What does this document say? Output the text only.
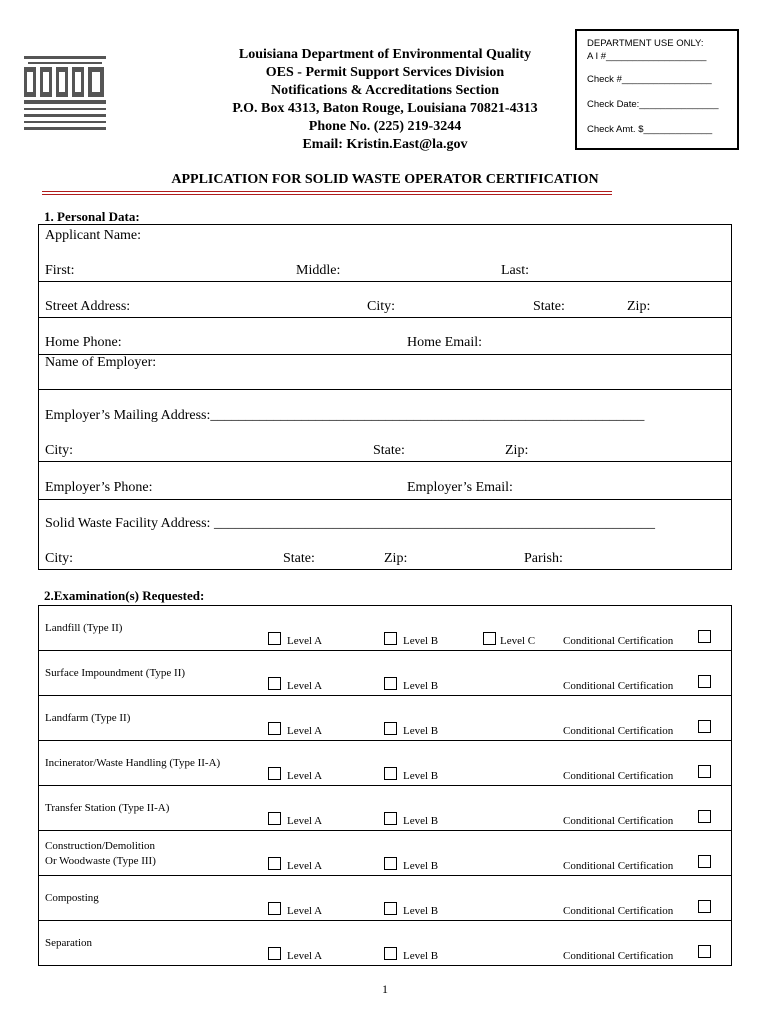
Louisiana Department of Environmental Quality
OES - Permit Support Services Division
Notifications & Accreditations Section
P.O. Box 4313, Baton Rouge, Louisiana 70821-4313
Phone No. (225) 219-3244
Email: Kristin.East@la.gov
DEPARTMENT USE ONLY:
A I #___________________
Check #_________________
Check Date:_______________
Check Amt. $_____________
APPLICATION FOR SOLID WASTE OPERATOR CERTIFICATION
1. Personal Data:
Applicant Name:
First:	Middle:	Last:
Street Address:	City:	State:	Zip:
Home Phone:	Home Email:
Name of Employer:
Employer’s Mailing Address:______________________________________________________________
City:	State:	Zip:
Employer’s Phone:	Employer’s Email:
Solid Waste Facility Address: _______________________________________________________________
City:	State:	Zip:	Parish:
2.Examination(s) Requested:
Landfill (Type II)
Level A	Level B	Level C	Conditional Certification
Surface Impoundment (Type II)
Level A	Level B	Conditional Certification
Landfarm (Type II)
Level A	Level B	Conditional Certification
Incinerator/Waste Handling (Type II-A)
Level A	Level B	Conditional Certification
Transfer Station (Type II-A)
Level A	Level B	Conditional Certification
Construction/Demolition
Or Woodwaste (Type III)	Level A	Level B	Conditional Certification
Composting
Level A	Level B	Conditional Certification
Separation
Level A	Level B	Conditional Certification
1
